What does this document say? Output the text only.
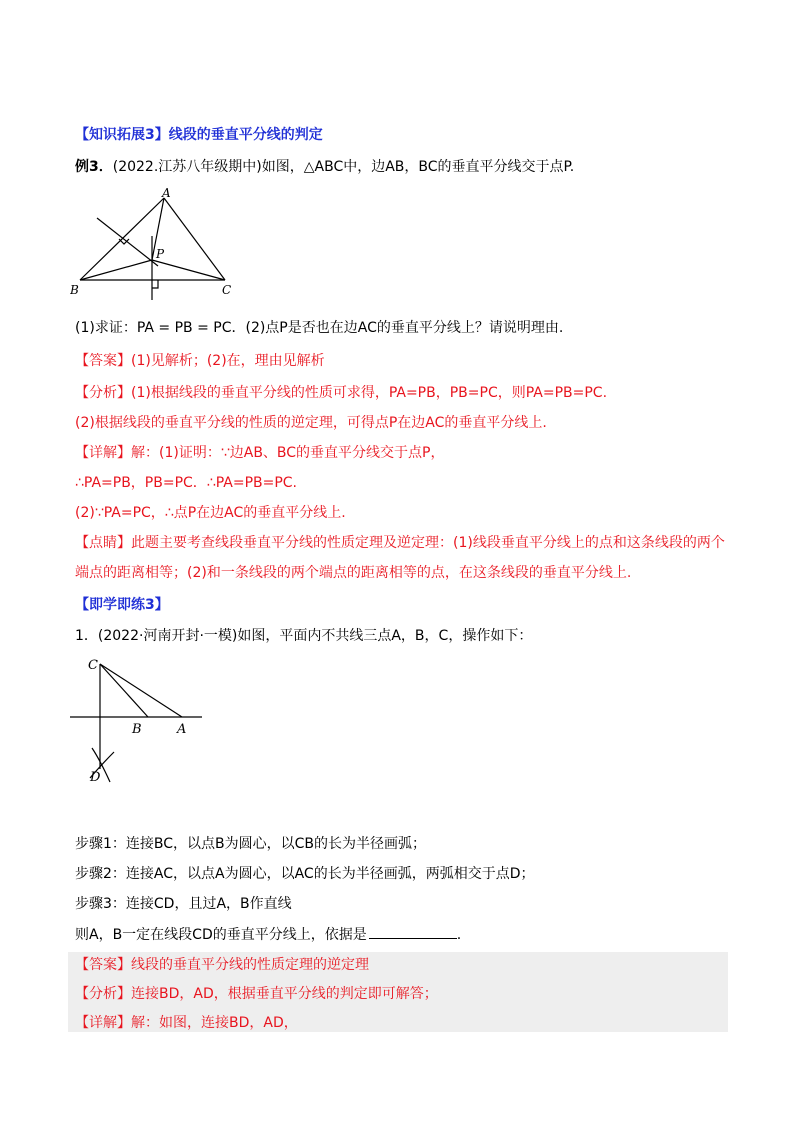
【知识拓展3】线段的垂直平分线的判定
例3．(2022.江苏八年级期中)如图，△ABC中，边AB，BC的垂直平分线交于点P.
A
B	C
P
(1)求证：PA = PB = PC．(2)点P是否也在边AC的垂直平分线上？请说明理由.
【答案】(1)见解析；(2)在，理由见解析
【分析】(1)根据线段的垂直平分线的性质可求得，PA=PB，PB=PC，则PA=PB=PC.
(2)根据线段的垂直平分线的性质的逆定理，可得点P在边AC的垂直平分线上.
【详解】解：(1)证明：∵边AB、BC的垂直平分线交于点P，
∴PA=PB，PB=PC．∴PA=PB=PC.
(2)∵PA=PC，∴点P在边AC的垂直平分线上.
【点睛】此题主要考查线段垂直平分线的性质定理及逆定理：(1)线段垂直平分线上的点和这条线段的两个
端点的距离相等；(2)和一条线段的两个端点的距离相等的点，在这条线段的垂直平分线上.
【即学即练3】
1．(2022·河南开封·一模)如图，平面内不共线三点A，B，C，操作如下：
C
B	A
D
步骤1：连接BC，以点B为圆心，以CB的长为半径画弧；
步骤2：连接AC，以点A为圆心，以AC的长为半径画弧，两弧相交于点D；
步骤3：连接CD，且过A，B作直线
则A，B一定在线段CD的垂直平分线上，依据是	.
【答案】线段的垂直平分线的性质定理的逆定理
【分析】连接BD，AD，根据垂直平分线的判定即可解答；
【详解】解：如图，连接BD，AD，
